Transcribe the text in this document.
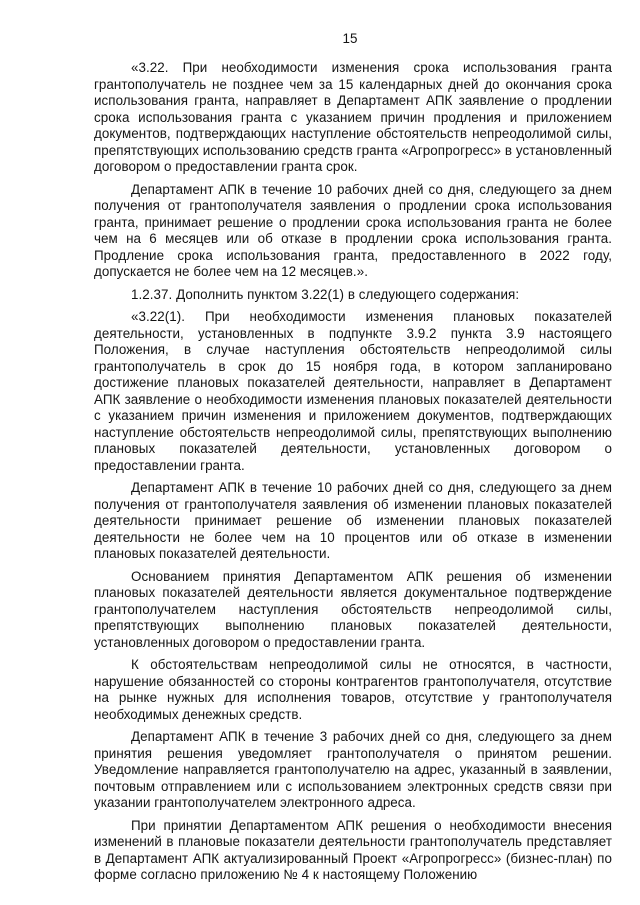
15

«3.22. При необходимости изменения срока использования гранта грантополучатель не позднее чем за 15 календарных дней до окончания срока использования гранта, направляет в Департамент АПК заявление о продлении срока использования гранта с указанием причин продления и приложением документов, подтверждающих наступление обстоятельств непреодолимой силы, препятствующих использованию средств гранта «Агропрогресс» в установленный договором о предоставлении гранта срок.

Департамент АПК в течение 10 рабочих дней со дня, следующего за днем получения от грантополучателя заявления о продлении срока использования гранта, принимает решение о продлении срока использования гранта не более чем на 6 месяцев или об отказе в продлении срока использования гранта. Продление срока использования гранта, предоставленного в 2022 году, допускается не более чем на 12 месяцев.».

1.2.37. Дополнить пунктом 3.22(1) в следующего содержания:

«3.22(1). При необходимости изменения плановых показателей деятельности, установленных в подпункте 3.9.2 пункта 3.9 настоящего Положения, в случае наступления обстоятельств непреодолимой силы грантополучатель в срок до 15 ноября года, в котором запланировано достижение плановых показателей деятельности, направляет в Департамент АПК заявление о необходимости изменения плановых показателей деятельности с указанием причин изменения и приложением документов, подтверждающих наступление обстоятельств непреодолимой силы, препятствующих выполнению плановых показателей деятельности, установленных договором о предоставлении гранта.

Департамент АПК в течение 10 рабочих дней со дня, следующего за днем получения от грантополучателя заявления об изменении плановых показателей деятельности принимает решение об изменении плановых показателей деятельности не более чем на 10 процентов или об отказе в изменении плановых показателей деятельности.

Основанием принятия Департаментом АПК решения об изменении плановых показателей деятельности является документальное подтверждение грантополучателем наступления обстоятельств непреодолимой силы, препятствующих выполнению плановых показателей деятельности, установленных договором о предоставлении гранта.

К обстоятельствам непреодолимой силы не относятся, в частности, нарушение обязанностей со стороны контрагентов грантополучателя, отсутствие на рынке нужных для исполнения товаров, отсутствие у грантополучателя необходимых денежных средств.

Департамент АПК в течение 3 рабочих дней со дня, следующего за днем принятия решения уведомляет грантополучателя о принятом решении. Уведомление направляется грантополучателю на адрес, указанный в заявлении, почтовым отправлением или с использованием электронных средств связи при указании грантополучателем электронного адреса.

При принятии Департаментом АПК решения о необходимости внесения изменений в плановые показатели деятельности грантополучатель представляет в Департамент АПК актуализированный Проект «Агропрогресс» (бизнес-план) по форме согласно приложению № 4 к настоящему Положению
